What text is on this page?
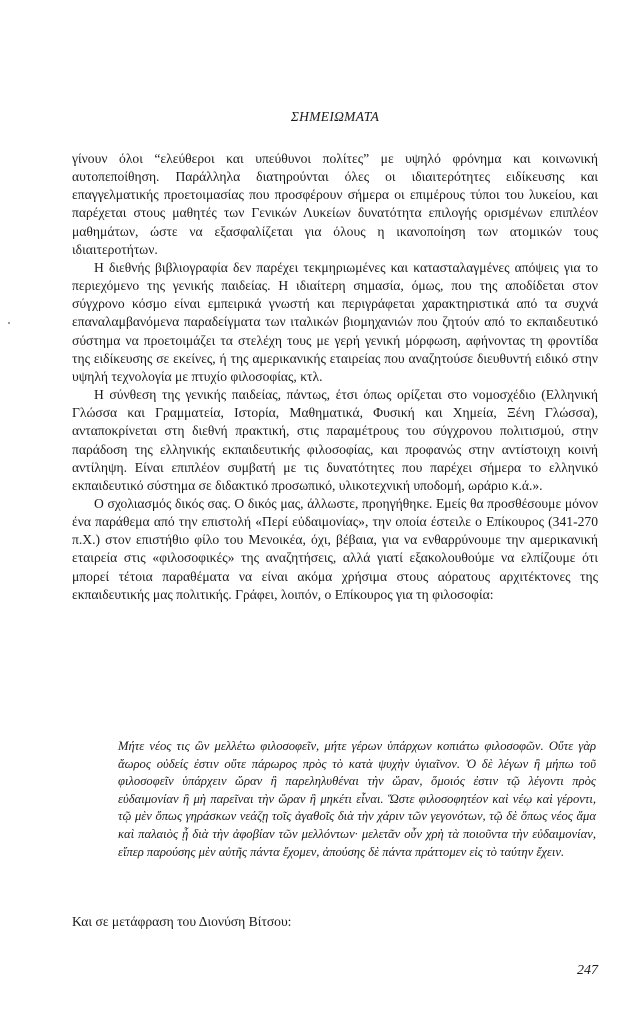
ΣΗΜΕΙΩΜΑΤΑ

γίνουν όλοι “ελεύθεροι και υπεύθυνοι πολίτες” με υψηλό φρόνημα και κοινωνική αυτοπεποίθηση. Παράλληλα διατηρούνται όλες οι ιδιαιτερότητες ειδίκευσης και επαγγελματικής προετοιμασίας που προσφέρουν σήμερα οι επιμέρους τύποι του λυκείου, και παρέχεται στους μαθητές των Γενικών Λυκείων δυνατότητα επιλογής ορισμένων επιπλέον μαθημάτων, ώστε να εξασφαλίζεται για όλους η ικανοποίηση των ατομικών τους ιδιαιτεροτήτων.

Η διεθνής βιβλιογραφία δεν παρέχει τεκμηριωμένες και κατασταλαγμένες απόψεις για το περιεχόμενο της γενικής παιδείας. Η ιδιαίτερη σημασία, όμως, που της αποδίδεται στον σύγχρονο κόσμο είναι εμπειρικά γνωστή και περιγράφεται χαρακτηριστικά από τα συχνά επαναλαμβανόμενα παραδείγματα των ιταλικών βιομηχανιών που ζητούν από το εκπαιδευτικό σύστημα να προετοιμάζει τα στελέχη τους με γερή γενική μόρφωση, αφήνοντας τη φροντίδα της ειδίκευσης σε εκείνες, ή της αμερικανικής εταιρείας που αναζητούσε διευθυντή ειδικό στην υψηλή τεχνολογία με πτυχίο φιλοσοφίας, κτλ.

Η σύνθεση της γενικής παιδείας, πάντως, έτσι όπως ορίζεται στο νομοσχέδιο (Ελληνική Γλώσσα και Γραμματεία, Ιστορία, Μαθηματικά, Φυσική και Χημεία, Ξένη Γλώσσα), ανταποκρίνεται στη διεθνή πρακτική, στις παραμέτρους του σύγχρονου πολιτισμού, στην παράδοση της ελληνικής εκπαιδευτικής φιλοσοφίας, και προφανώς στην αντίστοιχη κοινή αντίληψη. Είναι επιπλέον συμβατή με τις δυνατότητες που παρέχει σήμερα το ελληνικό εκπαιδευτικό σύστημα σε διδακτικό προσωπικό, υλικοτεχνική υποδομή, ωράριο κ.ά.».

Ο σχολιασμός δικός σας. Ο δικός μας, άλλωστε, προηγήθηκε. Εμείς θα προσθέσουμε μόνον ένα παράθεμα από την επιστολή «Περί εὐδαιμονίας», την οποία έστειλε ο Επίκουρος (341-270 π.Χ.) στον επιστήθιο φίλο του Μενοικέα, όχι, βέβαια, για να ενθαρρύνουμε την αμερικανική εταιρεία στις «φιλοσοφικές» της αναζητήσεις, αλλά γιατί εξακολουθούμε να ελπίζουμε ότι μπορεί τέτοια παραθέματα να είναι ακόμα χρήσιμα στους αόρατους αρχιτέκτονες της εκπαιδευτικής μας πολιτικής. Γράφει, λοιπόν, ο Επίκουρος για τη φιλοσοφία:

Μήτε νέος τις ὢν μελλέτω φιλοσοφεῖν, μήτε γέρων ὑπάρχων κοπιάτω φιλοσοφῶν. Οὔτε γὰρ ἄωρος οὐδείς ἐστιν οὔτε πάρωρος πρὸς τὸ κατὰ ψυχὴν ὑγιαῖνον. Ὁ δὲ λέγων ἢ μήπω τοῦ φιλοσοφεῖν ὑπάρχειν ὥραν ἢ παρεληλυθέναι τὴν ὥραν, ὅμοιός ἐστιν τῷ λέγοντι πρὸς εὐδαιμονίαν ἢ μὴ παρεῖναι τὴν ὥραν ἢ μηκέτι εἶναι. Ὥστε φιλοσοφητέον καὶ νέῳ καὶ γέροντι, τῷ μὲν ὅπως γηράσκων νεάζῃ τοῖς ἀγαθοῖς διὰ τὴν χάριν τῶν γεγονότων, τῷ δὲ ὅπως νέος ἅμα καὶ παλαιὸς ᾖ διὰ τὴν ἀφοβίαν τῶν μελλόντων· μελετᾶν οὖν χρὴ τὰ ποιοῦντα τὴν εὐδαιμονίαν, εἴπερ παρούσης μὲν αὐτῆς πάντα ἔχομεν, ἀπούσης δὲ πάντα πράττομεν εἰς τὸ ταύτην ἔχειν.
Και σε μετάφραση του Διονύση Βίτσου:
247
